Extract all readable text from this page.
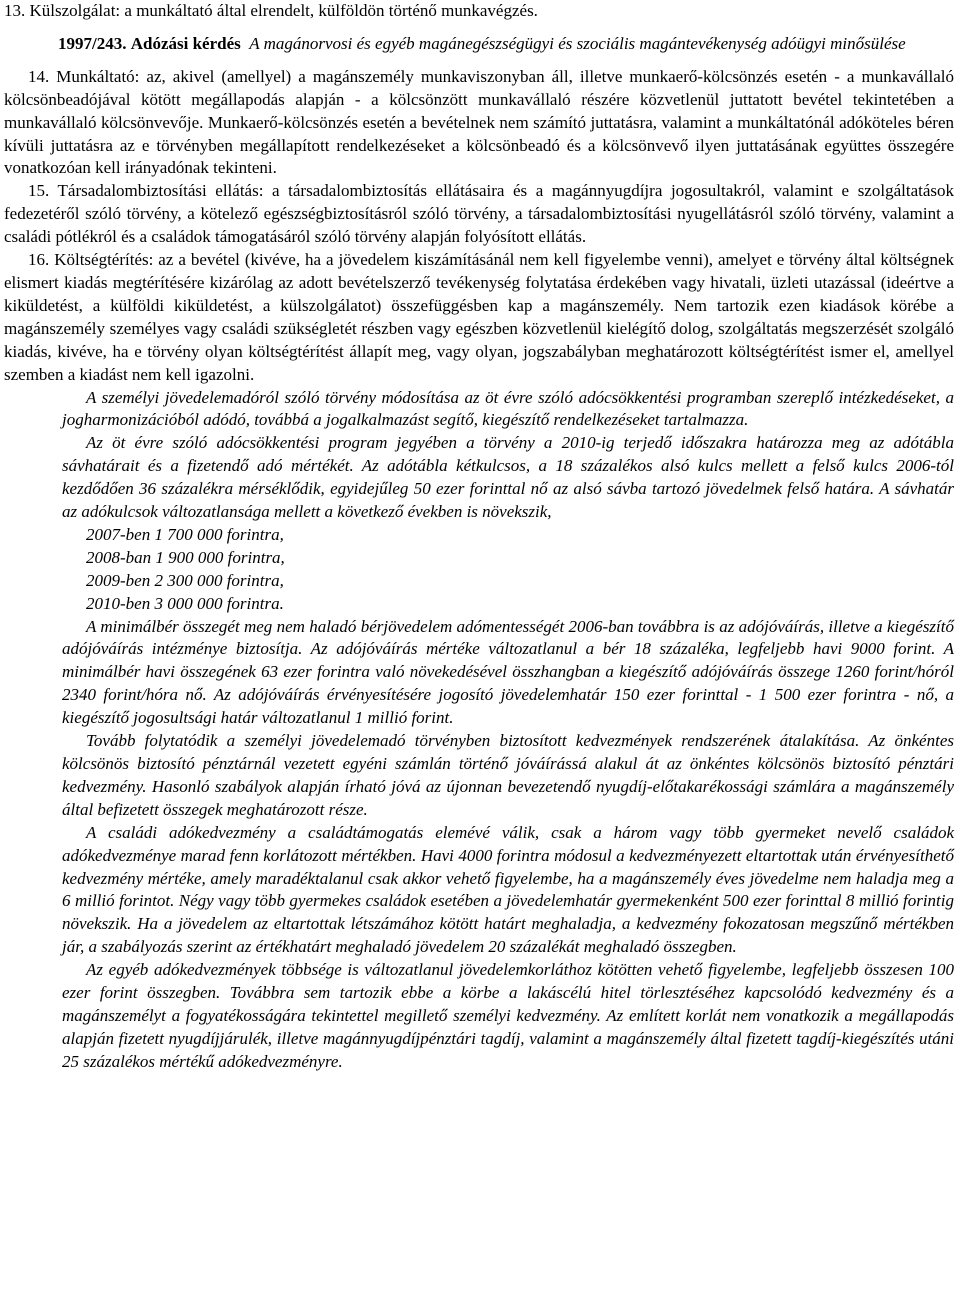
13. Külszolgálat: a munkáltató által elrendelt, külföldön történő munkavégzés.

1997/243. Adózási kérdés A magánorvosi és egyéb magánegészségügyi és szociális magántevékenység adóügyi minősülése

14. Munkáltató: az, akivel (amellyel) a magánszemély munkaviszonyban áll, illetve munkaerő-kölcsönzés esetén - a munkavállaló kölcsönbeadójával kötött megállapodás alapján - a kölcsönzött munkavállaló részére közvetlenül juttatott bevétel tekintetében a munkavállaló kölcsönvevője. Munkaerő-kölcsönzés esetén a bevételnek nem számító juttatásra, valamint a munkáltatónál adóköteles béren kívüli juttatásra az e törvényben megállapított rendelkezéseket a kölcsönbeadó és a kölcsönvevő ilyen juttatásának együttes összegére vonatkozóan kell irányadónak tekinteni.

15. Társadalombiztosítási ellátás: a társadalombiztosítás ellátásaira és a magánnyugdíjra jogosultakról, valamint e szolgáltatások fedezetéről szóló törvény, a kötelező egészségbiztosításról szóló törvény, a társadalombiztosítási nyugellátásról szóló törvény, valamint a családi pótlékról és a családok támogatásáról szóló törvény alapján folyósított ellátás.

16. Költségtérítés: az a bevétel (kivéve, ha a jövedelem kiszámításánál nem kell figyelembe venni), amelyet e törvény által költségnek elismert kiadás megtérítésére kizárólag az adott bevételszerző tevékenység folytatása érdekében vagy hivatali, üzleti utazással (ideértve a kiküldetést, a külföldi kiküldetést, a külszolgálatot) összefüggésben kap a magánszemély. Nem tartozik ezen kiadások körébe a magánszemély személyes vagy családi szükségletét részben vagy egészben közvetlenül kielégítő dolog, szolgáltatás megszerzését szolgáló kiadás, kivéve, ha e törvény olyan költségtérítést állapít meg, vagy olyan, jogszabályban meghatározott költségtérítést ismer el, amellyel szemben a kiadást nem kell igazolni.

A személyi jövedelemadóról szóló törvény módosítása az öt évre szóló adócsökkentési programban szereplő intézkedéseket, a jogharmonizációból adódó, továbbá a jogalkalmazást segítő, kiegészítő rendelkezéseket tartalmazza.

Az öt évre szóló adócsökkentési program jegyében a törvény a 2010-ig terjedő időszakra határozza meg az adótábla sávhatárait és a fizetendő adó mértékét. Az adótábla kétkulcsos, a 18 százalékos alsó kulcs mellett a felső kulcs 2006-tól kezdődően 36 százalékra mérséklődik, egyidejűleg 50 ezer forinttal nő az alsó sávba tartozó jövedelmek felső határa. A sávhatár az adókulcsok változatlansága mellett a következő években is növekszik,

2007-ben 1 700 000 forintra,

2008-ban 1 900 000 forintra,

2009-ben 2 300 000 forintra,

2010-ben 3 000 000 forintra.

A minimálbér összegét meg nem haladó bérjövedelem adómentességét 2006-ban továbbra is az adójóváírás, illetve a kiegészítő adójóváírás intézménye biztosítja. Az adójóváírás mértéke változatlanul a bér 18 százaléka, legfeljebb havi 9000 forint. A minimálbér havi összegének 63 ezer forintra való növekedésével összhangban a kiegészítő adójóváírás összege 1260 forint/hóról 2340 forint/hóra nő. Az adójóváírás érvényesítésére jogosító jövedelemhatár 150 ezer forinttal - 1 500 ezer forintra - nő, a kiegészítő jogosultsági határ változatlanul 1 millió forint.

Tovább folytatódik a személyi jövedelemadó törvényben biztosított kedvezmények rendszerének átalakítása. Az önkéntes kölcsönös biztosító pénztárnál vezetett egyéni számlán történő jóváírássá alakul át az önkéntes kölcsönös biztosító pénztári kedvezmény. Hasonló szabályok alapján írható jóvá az újonnan bevezetendő nyugdíj-előtakarékossági számlára a magánszemély által befizetett összegek meghatározott része.

A családi adókedvezmény a családtámogatás elemévé válik, csak a három vagy több gyermeket nevelő családok adókedvezménye marad fenn korlátozott mértékben. Havi 4000 forintra módosul a kedvezményezett eltartottak után érvényesíthető kedvezmény mértéke, amely maradéktalanul csak akkor vehető figyelembe, ha a magánszemély éves jövedelme nem haladja meg a 6 millió forintot. Négy vagy több gyermekes családok esetében a jövedelemhatár gyermekenként 500 ezer forinttal 8 millió forintig növekszik. Ha a jövedelem az eltartottak létszámához kötött határt meghaladja, a kedvezmény fokozatosan megszűnő mértékben jár, a szabályozás szerint az értékhatárt meghaladó jövedelem 20 százalékát meghaladó összegben.

Az egyéb adókedvezmények többsége is változatlanul jövedelemkorláthoz kötötten vehető figyelembe, legfeljebb összesen 100 ezer forint összegben. Továbbra sem tartozik ebbe a körbe a lakáscélú hitel törlesztéséhez kapcsolódó kedvezmény és a magánszemélyt a fogyatékosságára tekintettel megillető személyi kedvezmény. Az említett korlát nem vonatkozik a megállapodás alapján fizetett nyugdíjjárulék, illetve magánnyugdíjpénztári tagdíj, valamint a magánszemély által fizetett tagdíj-kiegészítés utáni 25 százalékos mértékű adókedvezményre.
